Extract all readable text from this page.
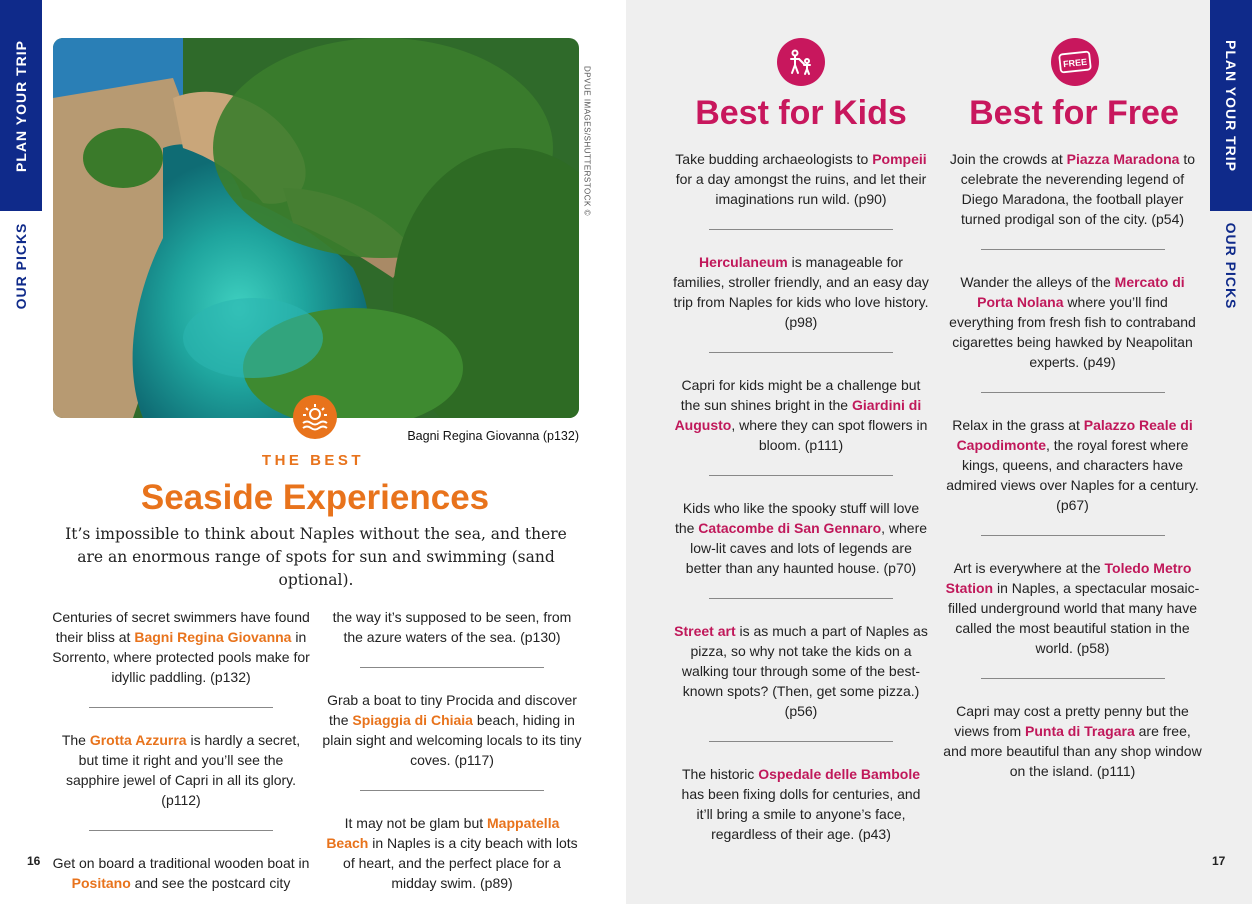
PLAN YOUR TRIP
OUR PICKS
DPVUE IMAGES/SHUTTERSTOCK ©
Bagni Regina Giovanna (p132)
THE BEST
Seaside Experiences
It’s impossible to think about Naples without the sea, and there are an enormous range of spots for sun and swimming (sand optional).

Centuries of secret swimmers have found their bliss at Bagni Regina Giovanna in Sorrento, where protected pools make for idyllic paddling. (p132)

The Grotta Azzurra is hardly a secret, but time it right and you’ll see the sapphire jewel of Capri in all its glory. (p112)

Get on board a traditional wooden boat in Positano and see the postcard city

the way it’s supposed to be seen, from the azure waters of the sea. (p130)

Grab a boat to tiny Procida and discover the Spiaggia di Chiaia beach, hiding in plain sight and welcoming locals to its tiny coves. (p117)

It may not be glam but Mappatella Beach in Naples is a city beach with lots of heart, and the perfect place for a midday swim. (p89)

16
PLAN YOUR TRIP
OUR PICKS
FREE
Best for Kids	Best for Free

Take budding archaeologists to Pompeii for a day amongst the ruins, and let their imaginations run wild. (p90)

Herculaneum is manageable for families, stroller friendly, and an easy day trip from Naples for kids who love history. (p98)

Capri for kids might be a challenge but the sun shines bright in the Giardini di Augusto, where they can spot flowers in bloom. (p111)

Kids who like the spooky stuff will love the Catacombe di San Gennaro, where low-lit caves and lots of legends are better than any haunted house. (p70)

Street art is as much a part of Naples as pizza, so why not take the kids on a walking tour through some of the best-known spots? (Then, get some pizza.) (p56)

The historic Ospedale delle Bambole has been fixing dolls for centuries, and it’ll bring a smile to anyone’s face, regardless of their age. (p43)

Join the crowds at Piazza Maradona to celebrate the neverending legend of Diego Maradona, the football player turned prodigal son of the city. (p54)

Wander the alleys of the Mercato di Porta Nolana where you’ll find everything from fresh fish to contraband cigarettes being hawked by Neapolitan experts. (p49)

Relax in the grass at Palazzo Reale di Capodimonte, the royal forest where kings, queens, and characters have admired views over Naples for a century. (p67)

Art is everywhere at the Toledo Metro Station in Naples, a spectacular mosaic-filled underground world that many have called the most beautiful station in the world. (p58)

Capri may cost a pretty penny but the views from Punta di Tragara are free, and more beautiful than any shop window on the island. (p111)

17
